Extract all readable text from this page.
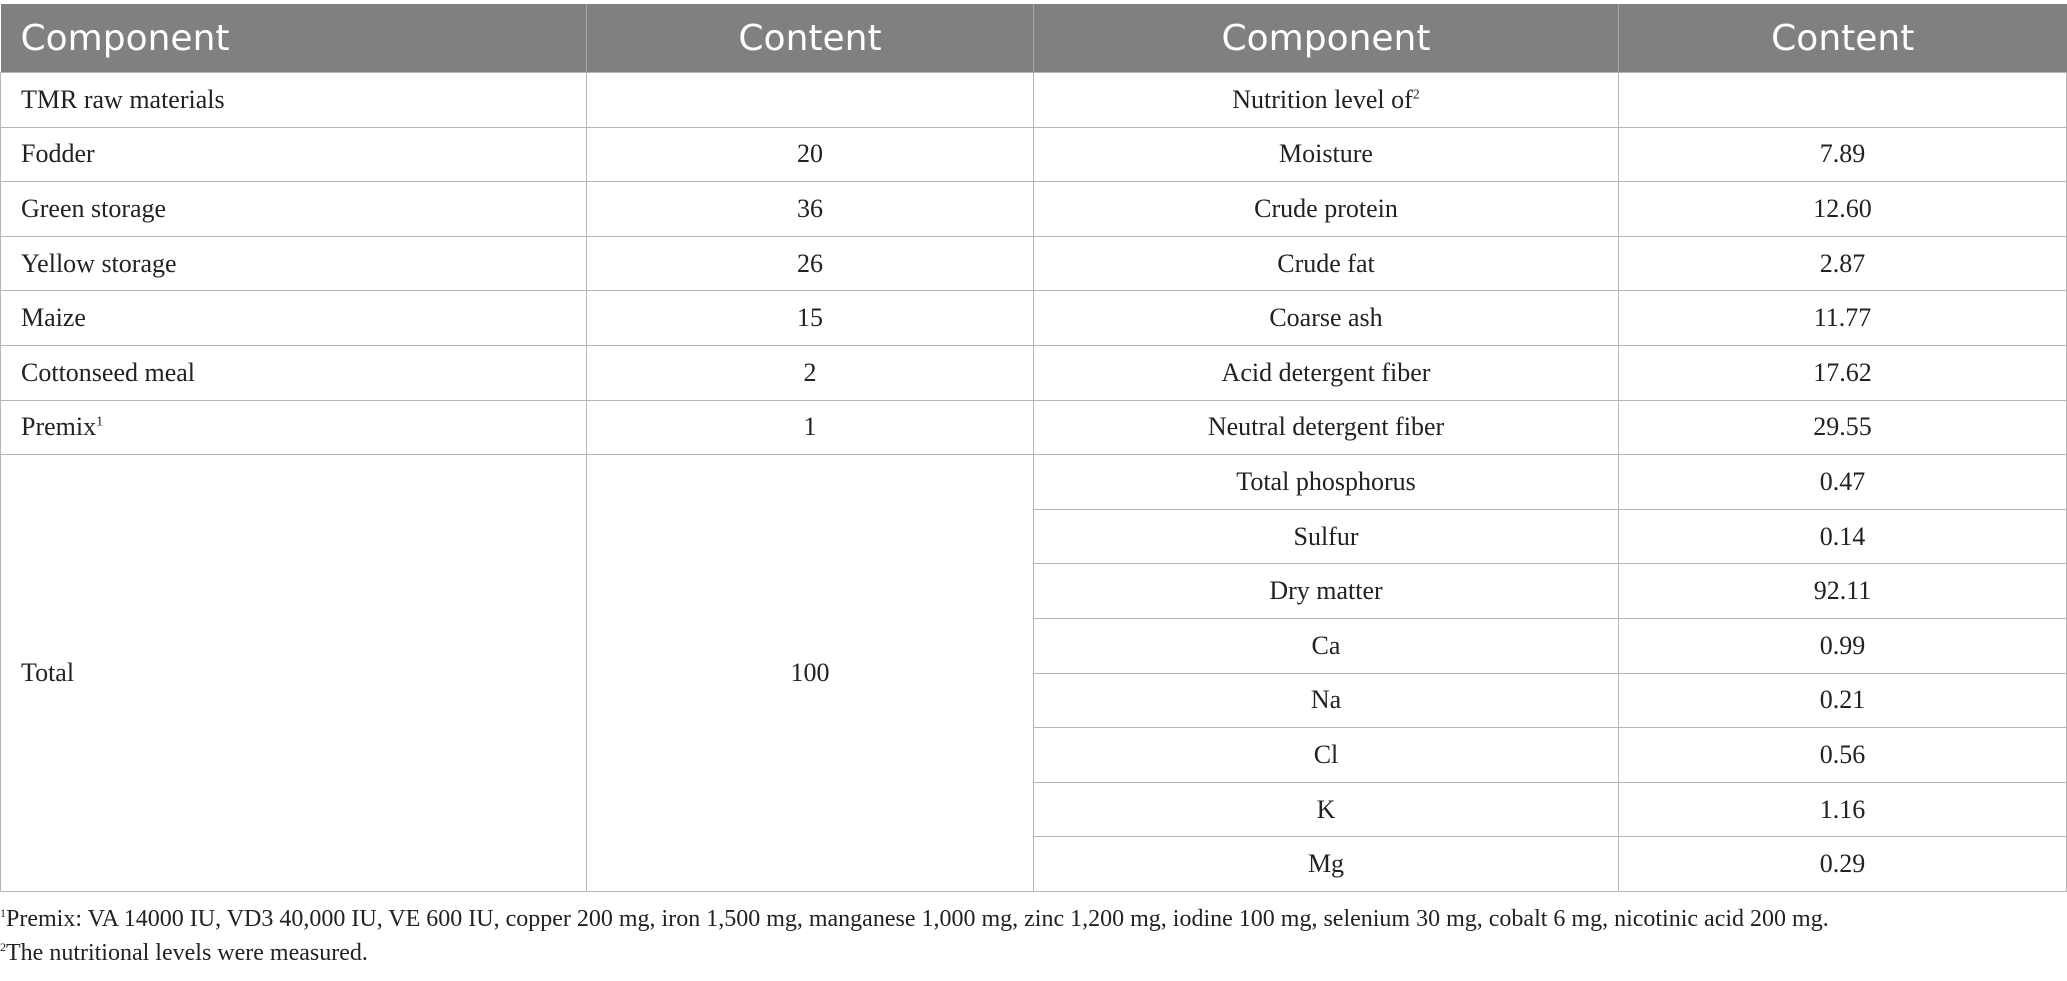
Component	Content	Component	Content
TMR raw materials		Nutrition level $of^2$	
Fodder	20	Moisture	7.89
Green storage	36	Crude protein	12.60
Yellow storage	26	Crude fat	2.87
Maize	15	Coarse ash	11.77
Cottonseed meal	2	Acid detergent fiber	17.62
Premix$^1$	1	Neutral detergent fiber	29.55
Total	100	Total phosphorus	0.47
		Sulfur	0.14
		Dry matter	92.11
		Ca	0.99
		Na	0.21
		Cl	0.56
		K	1.16
		Mg	0.29
$^1$Premix: VA 14000 IU, VD3 40,000 IU, VE 600 IU, copper 200 mg, iron 1,500 mg, manganese 1,000 mg, zinc 1,200 mg, iodine 100 mg, selenium 30 mg, cobalt 6 mg, nicotinic acid 200 mg.
$^2$The nutritional levels were measured.
